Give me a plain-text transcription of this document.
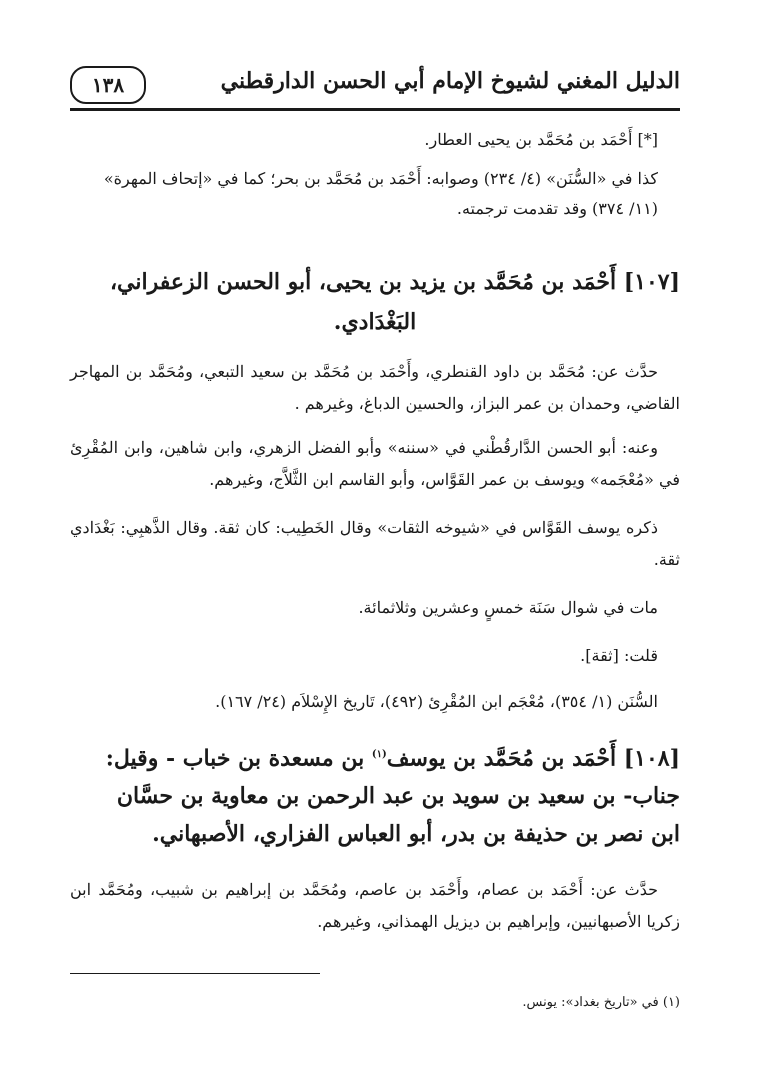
الدليل المغني لشيوخ الإمام أبي الحسن الدارقطني
١٣٨
[*] أَحْمَد بن مُحَمَّد بن يحيى العطار.
كذا في «السُّنَن» (٤/ ٢٣٤) وصوابه: أَحْمَد بن مُحَمَّد بن بحر؛ كما في «إتحاف المهرة»
(١١/ ٣٧٤) وقد تقدمت ترجمته.
[١٠٧] أَحْمَد بن مُحَمَّد بن يزيد بن يحيى، أبو الحسن الزعفراني،
البَغْدَادي.
حدَّث عن: مُحَمَّد بن داود القنطري، وأَحْمَد بن مُحَمَّد بن سعيد التبعي، ومُحَمَّد بن المهاجر القاضي، وحمدان بن عمر البزاز، والحسين الدباغ، وغيرهم .
وعنه: أبو الحسن الدَّارقُطْني في «سننه» وأبو الفضل الزهري، وابن شاهين، وابن المُقْرِئ في «مُعْجَمه» ويوسف بن عمر القَوَّاس، وأبو القاسم ابن الثَّلاَّج، وغيرهم.
ذكره يوسف القَوَّاس في «شيوخه الثقات» وقال الخَطِيب: كان ثقة. وقال الذَّهبِي: بَغْدَادي ثقة.
مات في شوال سَنَة خمسٍ وعشرين وثلاثمائة.
قلت: [ثقة].
السُّنَن (١/ ٣٥٤)، مُعْجَم ابن المُقْرِئ (٤٩٢)، تَاريخ الإِسْلاَم (٢٤/ ١٦٧).
[١٠٨] أَحْمَد بن مُحَمَّد بن يوسف$^{(١)}$ بن مسعدة بن خباب - وقيل:
جناب- بن سعيد بن سويد بن عبد الرحمن بن معاوية بن حسَّان
ابن نصر بن حذيفة بن بدر، أبو العباس الفزاري، الأصبهاني.
حدَّث عن: أَحْمَد بن عصام، وأَحْمَد بن عاصم، ومُحَمَّد بن إبراهيم بن شبيب، ومُحَمَّد ابن زكريا الأصبهانيين، وإبراهيم بن ديزيل الهمذاني، وغيرهم.
(١) في «تاريخ بغداد»: يونس.
